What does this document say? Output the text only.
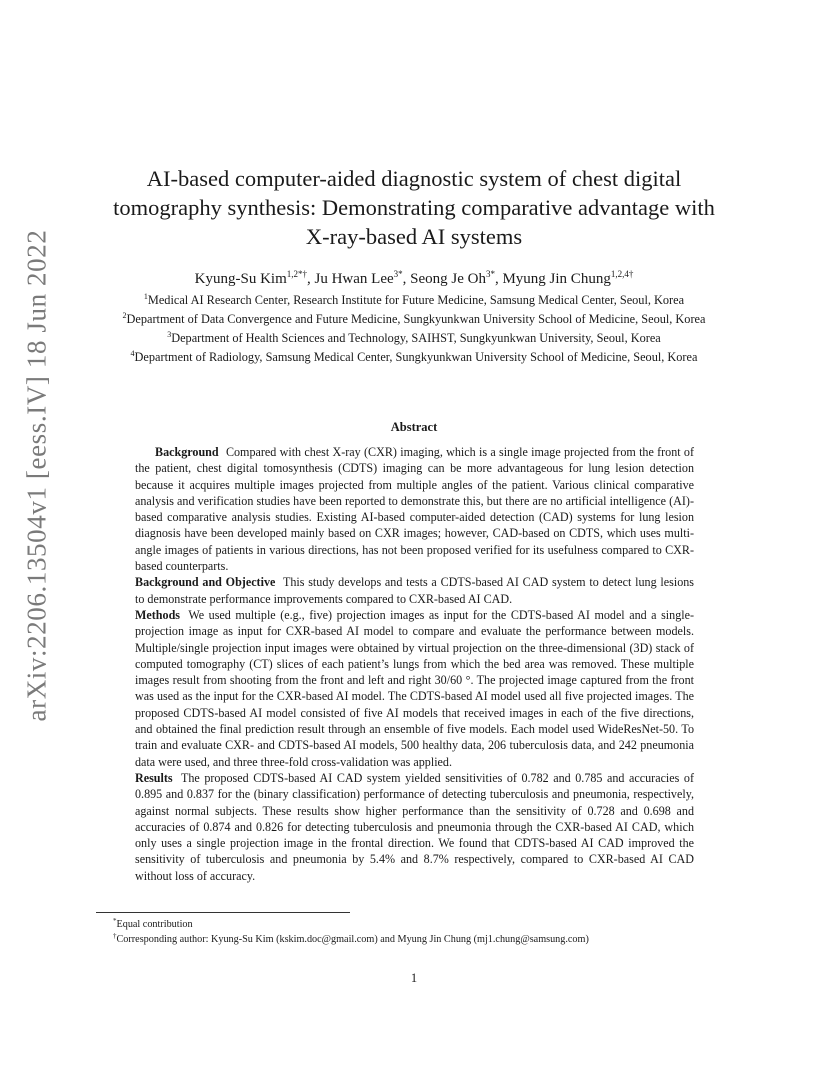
arXiv:2206.13504v1 [eess.IV] 18 Jun 2022
AI-based computer-aided diagnostic system of chest digital
tomography synthesis: Demonstrating comparative advantage with
X-ray-based AI systems
Kyung-Su Kim$^{1,2*\dagger}$, Ju Hwan Lee$^{3*}$, Seong Je $Oh^{3*}$, Myung Jin Chung$^{1,2,4\dagger}$
$^1$Medical AI Research Center, Research Institute for Future Medicine, Samsung Medical Center, Seoul, Korea
$^2$Department of Data Convergence and Future Medicine, Sungkyunkwan University School of Medicine, Seoul, Korea
$^3$Department of Health Sciences and Technology, SAIHST, Sungkyunkwan University, Seoul, Korea
$^4$Department of Radiology, Samsung Medical Center, Sungkyunkwan University School of Medicine, Seoul, Korea
Abstract

Background Compared with chest X-ray (CXR) imaging, which is a single image projected from the front of the patient, chest digital tomosynthesis (CDTS) imaging can be more advantageous for lung lesion detection because it acquires multiple images projected from multiple angles of the patient. Various clinical comparative analysis and verification studies have been reported to demonstrate this, but there are no artificial intelligence (AI)-based comparative analysis studies. Existing AI-based computer-aided detection (CAD) systems for lung lesion diagnosis have been developed mainly based on CXR images; however, CAD-based on CDTS, which uses multi-angle images of patients in various directions, has not been proposed verified for its usefulness compared to CXR-based counterparts.

Background and Objective This study develops and tests a CDTS-based AI CAD system to detect lung lesions to demonstrate performance improvements compared to CXR-based AI CAD.

Methods We used multiple (e.g., five) projection images as input for the CDTS-based AI model and a single-projection image as input for CXR-based AI model to compare and evaluate the performance between models. Multiple/single projection input images were obtained by virtual projection on the three-dimensional (3D) stack of computed tomography (CT) slices of each patient’s lungs from which the bed area was removed. These multiple images result from shooting from the front and left and right 30/60 °. The projected image captured from the front was used as the input for the CXR-based AI model. The CDTS-based AI model used all five projected images. The proposed CDTS-based AI model consisted of five AI models that received images in each of the five directions, and obtained the final prediction result through an ensemble of five models. Each model used WideResNet-50. To train and evaluate CXR- and CDTS-based AI models, 500 healthy data, 206 tuberculosis data, and 242 pneumonia data were used, and three three-fold cross-validation was applied.

Results The proposed CDTS-based AI CAD system yielded sensitivities of 0.782 and 0.785 and accuracies of 0.895 and 0.837 for the (binary classification) performance of detecting tuberculosis and pneumonia, respectively, against normal subjects. These results show higher performance than the sensitivity of 0.728 and 0.698 and accuracies of 0.874 and 0.826 for detecting tuberculosis and pneumonia through the CXR-based AI CAD, which only uses a single projection image in the frontal direction. We found that CDTS-based AI CAD improved the sensitivity of tuberculosis and pneumonia by 5.4% and 8.7% respectively, compared to CXR-based AI CAD without loss of accuracy.

*Equal contribution
†Corresponding author: Kyung-Su Kim (kskim.doc@gmail.com) and Myung Jin Chung (mj1.chung@samsung.com)
1
